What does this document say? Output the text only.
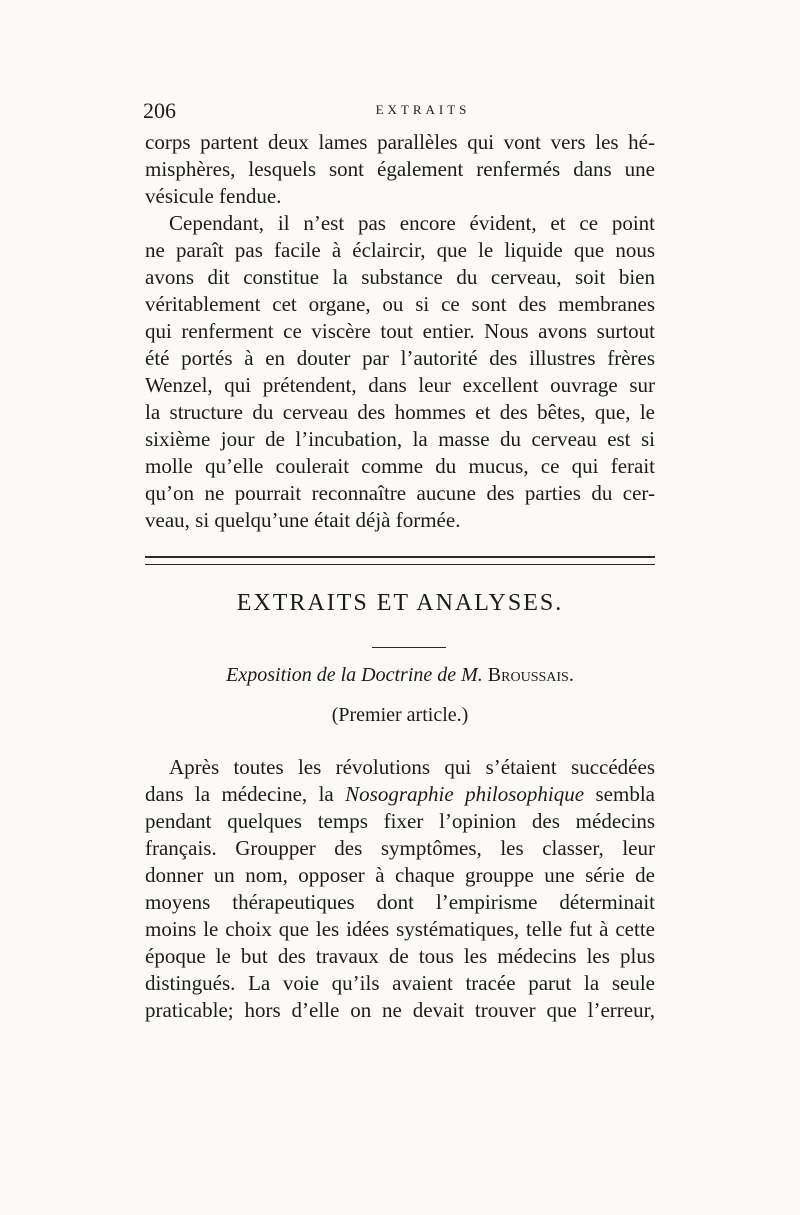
206	EXTRAITS
corps partent deux lames parallèles qui vont vers les hé-
misphères, lesquels sont également renfermés dans une
vésicule fendue.
Cependant, il n’est pas encore évident, et ce point
ne paraît pas facile à éclaircir, que le liquide que nous
avons dit constitue la substance du cerveau, soit bien
véritablement cet organe, ou si ce sont des membranes
qui renferment ce viscère tout entier. Nous avons surtout
été portés à en douter par l’autorité des illustres frères
Wenzel, qui prétendent, dans leur excellent ouvrage sur
la structure du cerveau des hommes et des bêtes, que, le
sixième jour de l’incubation, la masse du cerveau est si
molle qu’elle coulerait comme du mucus, ce qui ferait
qu’on ne pourrait reconnaître aucune des parties du cer-
veau, si quelqu’une était déjà formée.
EXTRAITS ET ANALYSES.
Exposition de la Doctrine de M. Broussais.
(Premier article.)
Après toutes les révolutions qui s’étaient succédées
dans la médecine, la Nosographie philosophique sembla
pendant quelques temps fixer l’opinion des médecins
français. Groupper des symptômes, les classer, leur
donner un nom, opposer à chaque grouppe une série de
moyens thérapeutiques dont l’empirisme déterminait
moins le choix que les idées systématiques, telle fut à cette
époque le but des travaux de tous les médecins les plus
distingués. La voie qu’ils avaient tracée parut la seule
praticable; hors d’elle on ne devait trouver que l’erreur,
